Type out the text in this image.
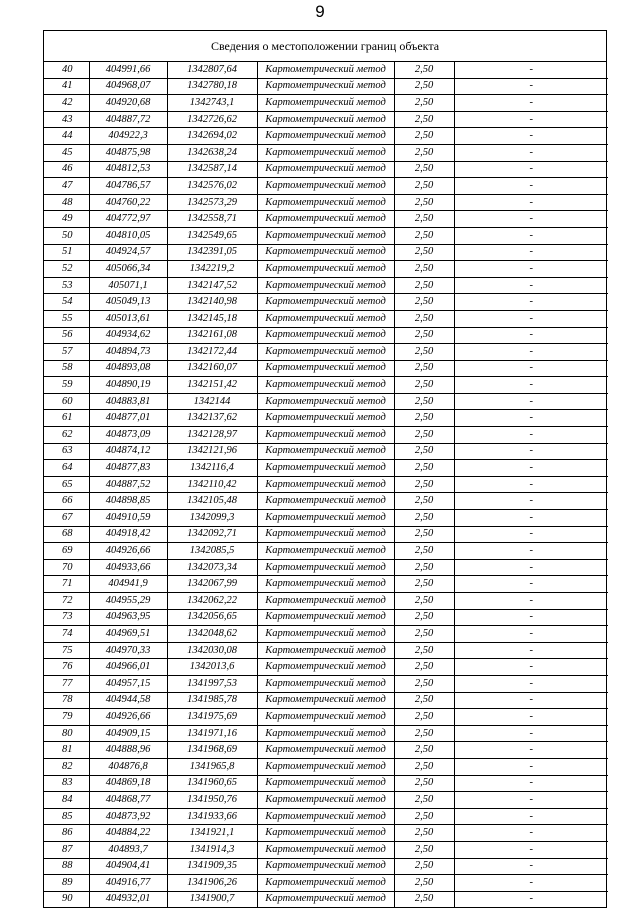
9
Сведения о местоположении границ объекта
40	404991,66	1342807,64	Картометрический метод	2,50	-
41	404968,07	1342780,18	Картометрический метод	2,50	-
42	404920,68	1342743,1	Картометрический метод	2,50	-
43	404887,72	1342726,62	Картометрический метод	2,50	-
44	404922,3	1342694,02	Картометрический метод	2,50	-
45	404875,98	1342638,24	Картометрический метод	2,50	-
46	404812,53	1342587,14	Картометрический метод	2,50	-
47	404786,57	1342576,02	Картометрический метод	2,50	-
48	404760,22	1342573,29	Картометрический метод	2,50	-
49	404772,97	1342558,71	Картометрический метод	2,50	-
50	404810,05	1342549,65	Картометрический метод	2,50	-
51	404924,57	1342391,05	Картометрический метод	2,50	-
52	405066,34	1342219,2	Картометрический метод	2,50	-
53	405071,1	1342147,52	Картометрический метод	2,50	-
54	405049,13	1342140,98	Картометрический метод	2,50	-
55	405013,61	1342145,18	Картометрический метод	2,50	-
56	404934,62	1342161,08	Картометрический метод	2,50	-
57	404894,73	1342172,44	Картометрический метод	2,50	-
58	404893,08	1342160,07	Картометрический метод	2,50	-
59	404890,19	1342151,42	Картометрический метод	2,50	-
60	404883,81	1342144	Картометрический метод	2,50	-
61	404877,01	1342137,62	Картометрический метод	2,50	-
62	404873,09	1342128,97	Картометрический метод	2,50	-
63	404874,12	1342121,96	Картометрический метод	2,50	-
64	404877,83	1342116,4	Картометрический метод	2,50	-
65	404887,52	1342110,42	Картометрический метод	2,50	-
66	404898,85	1342105,48	Картометрический метод	2,50	-
67	404910,59	1342099,3	Картометрический метод	2,50	-
68	404918,42	1342092,71	Картометрический метод	2,50	-
69	404926,66	1342085,5	Картометрический метод	2,50	-
70	404933,66	1342073,34	Картометрический метод	2,50	-
71	404941,9	1342067,99	Картометрический метод	2,50	-
72	404955,29	1342062,22	Картометрический метод	2,50	-
73	404963,95	1342056,65	Картометрический метод	2,50	-
74	404969,51	1342048,62	Картометрический метод	2,50	-
75	404970,33	1342030,08	Картометрический метод	2,50	-
76	404966,01	1342013,6	Картометрический метод	2,50	-
77	404957,15	1341997,53	Картометрический метод	2,50	-
78	404944,58	1341985,78	Картометрический метод	2,50	-
79	404926,66	1341975,69	Картометрический метод	2,50	-
80	404909,15	1341971,16	Картометрический метод	2,50	-
81	404888,96	1341968,69	Картометрический метод	2,50	-
82	404876,8	1341965,8	Картометрический метод	2,50	-
83	404869,18	1341960,65	Картометрический метод	2,50	-
84	404868,77	1341950,76	Картометрический метод	2,50	-
85	404873,92	1341933,66	Картометрический метод	2,50	-
86	404884,22	1341921,1	Картометрический метод	2,50	-
87	404893,7	1341914,3	Картометрический метод	2,50	-
88	404904,41	1341909,35	Картометрический метод	2,50	-
89	404916,77	1341906,26	Картометрический метод	2,50	-
90	404932,01	1341900,7	Картометрический метод	2,50	-
